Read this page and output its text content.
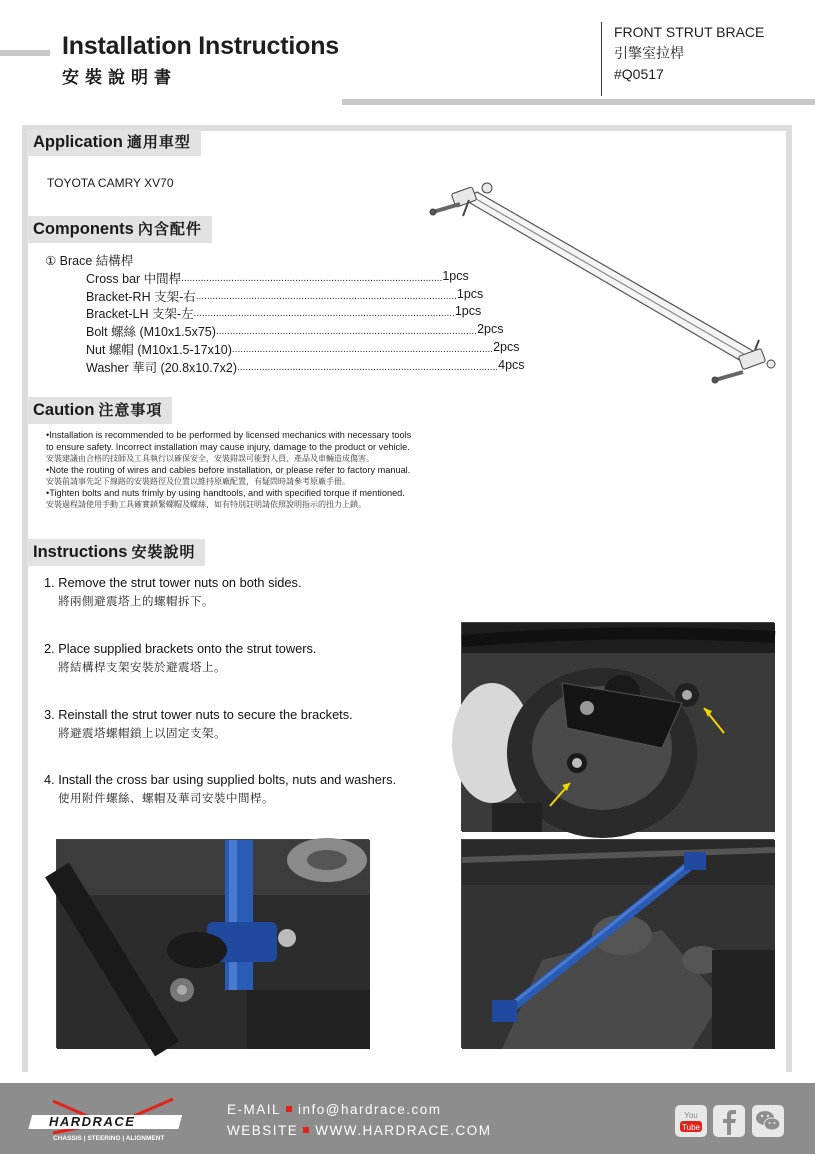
Installation Instructions
安裝說明書
FRONT STRUT BRACE
引擎室拉桿
#Q0517
Application 適用車型
TOYOTA CAMRY XV70
Components 內含配件
① Brace 結構桿
Cross bar 中間桿 .............................................................................................. 1pcs
Bracket-RH 支架-右 .............................................................................................. 1pcs
Bracket-LH 支架-左 .............................................................................................. 1pcs
Bolt 螺絲 (M10x1.5x75) .............................................................................................. 2pcs
Nut 螺帽 (M10x1.5-17x10) .............................................................................................. 2pcs
Washer 華司 (20.8x10.7x2) .............................................................................................. 4pcs
Caution 注意事項
•Installation is recommended to be performed by licensed mechanics with necessary tools
to ensure safety. Incorrect installation may cause injury, damage to the product or vehicle.
安裝建議由合格的技師及工具執行以確保安全，安裝錯誤可能對人員、產品及車輛造成傷害。
•Note the routing of wires and cables before installation, or please refer to factory manual.
安裝前請事先記下線路的安裝路徑及位置以維持原廠配置，有疑問時請參考原廠手冊。
•Tighten bolts and nuts frimly by using handtools, and with specified torque if mentioned.
安裝過程請使用手動工具確實鎖緊螺帽及螺絲，如有特別註明請依照說明指示的扭力上鎖。
Instructions 安裝說明
1. Remove the strut tower nuts on both sides.
將兩側避震塔上的螺帽拆下。
2. Place supplied brackets onto the strut towers.
將結構桿支架安裝於避震塔上。
3. Reinstall the strut tower nuts to secure the brackets.
將避震塔螺帽鎖上以固定支架。
4. Install the cross bar using supplied bolts, nuts and washers.
使用附件螺絲、螺帽及華司安裝中間桿。
HARDRACE
CHASSIS | STEERING | ALIGNMENT
E-MAIL info@hardrace.com
WEBSITE WWW.HARDRACE.COM
You
Tube
